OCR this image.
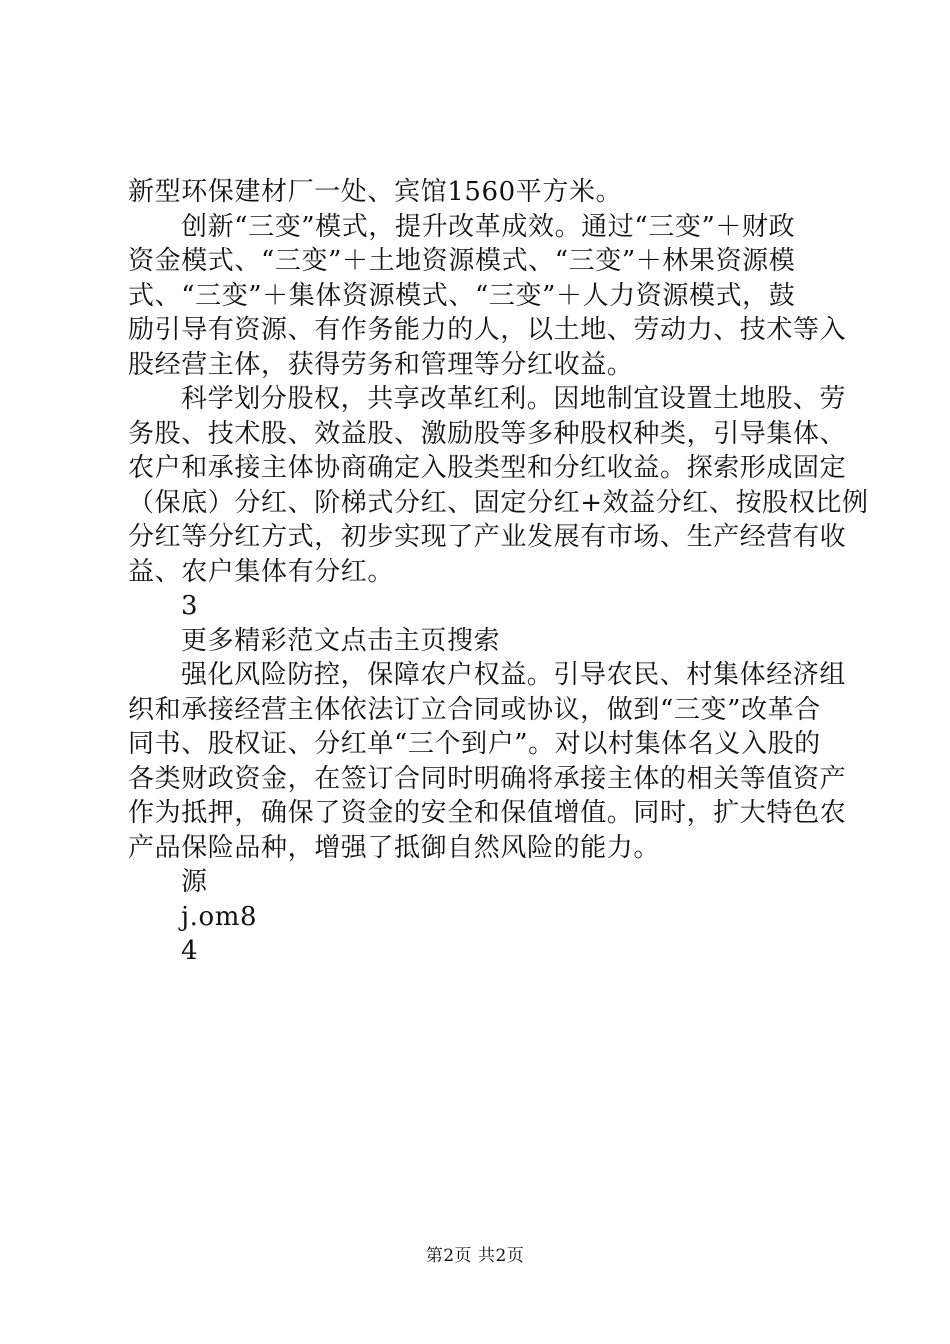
新型环保建材厂一处、宾馆1560平方米。
创新“三变”模式，提升改革成效。通过“三变”＋财政
资金模式、“三变”＋土地资源模式、“三变”＋林果资源模
式、“三变”＋集体资源模式、“三变”＋人力资源模式，鼓
励引导有资源、有作务能力的人，以土地、劳动力、技术等入
股经营主体，获得劳务和管理等分红收益。
科学划分股权，共享改革红利。因地制宜设置土地股、劳
务股、技术股、效益股、激励股等多种股权种类，引导集体、
农户和承接主体协商确定入股类型和分红收益。探索形成固定
（保底）分红、阶梯式分红、固定分红+效益分红、按股权比例
分红等分红方式，初步实现了产业发展有市场、生产经营有收
益、农户集体有分红。
3
更多精彩范文点击主页搜索
强化风险防控，保障农户权益。引导农民、村集体经济组
织和承接经营主体依法订立合同或协议，做到“三变”改革合
同书、股权证、分红单“三个到户”。对以村集体名义入股的
各类财政资金，在签订合同时明确将承接主体的相关等值资产
作为抵押，确保了资金的安全和保值增值。同时，扩大特色农
产品保险品种，增强了抵御自然风险的能力。
源
j.om8
4
第2页 共2页
